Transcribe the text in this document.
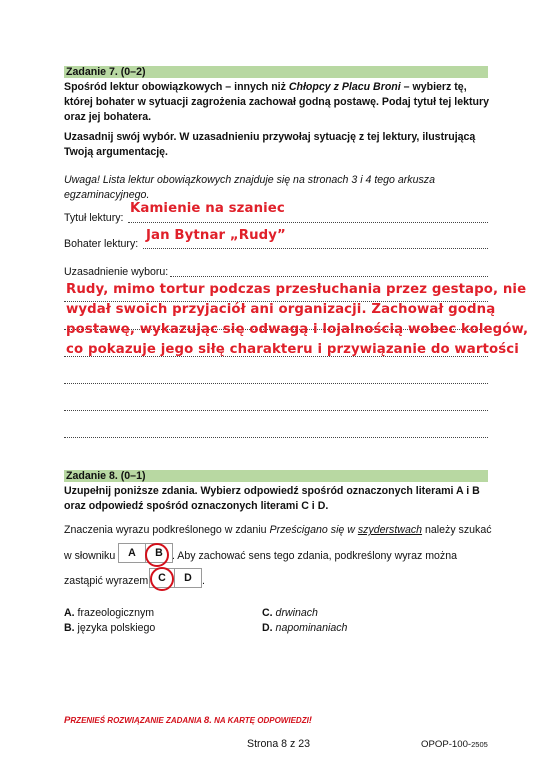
Zadanie 7. (0–2)
Spośród lektur obowiązkowych – innych niż Chłopcy z Placu Broni – wybierz tę, której bohater w sytuacji zagrożenia zachował godną postawę. Podaj tytuł tej lektury oraz jej bohatera.
Uzasadnij swój wybór. W uzasadnieniu przywołaj sytuację z tej lektury, ilustrującą Twoją argumentację.
Uwaga! Lista lektur obowiązkowych znajduje się na stronach 3 i 4 tego arkusza egzaminacyjnego.
Tytuł lektury:
Kamienie na szaniec
Bohater lektury:
Jan Bytnar „Rudy”
Uzasadnienie wyboru:
Rudy, mimo tortur podczas przesłuchania przez gestapo, nie
wydał swoich przyjaciół ani organizacji. Zachował godną
postawę, wykazując się odwagą i lojalnością wobec kolegów,
co pokazuje jego siłę charakteru i przywiązanie do wartości
Zadanie 8. (0–1)
Uzupełnij poniższe zdania. Wybierz odpowiedź spośród oznaczonych literami A i B oraz odpowiedź spośród oznaczonych literami C i D.
Znaczenia wyrazu podkreślonego w zdaniu Prześcigano się w szyderstwach należy szukać
w słowniku A B . Aby zachować sens tego zdania, podkreślony wyraz można
zastąpić wyrazem C D .
A. frazeologicznym
B. języka polskiego
C. drwinach
D. napominaniach
PRZENIEŚ ROZWIĄZANIE ZADANIA 8. NA KARTĘ ODPOWIEDZI!
Strona 8 z 23	OPOP-100-2505
